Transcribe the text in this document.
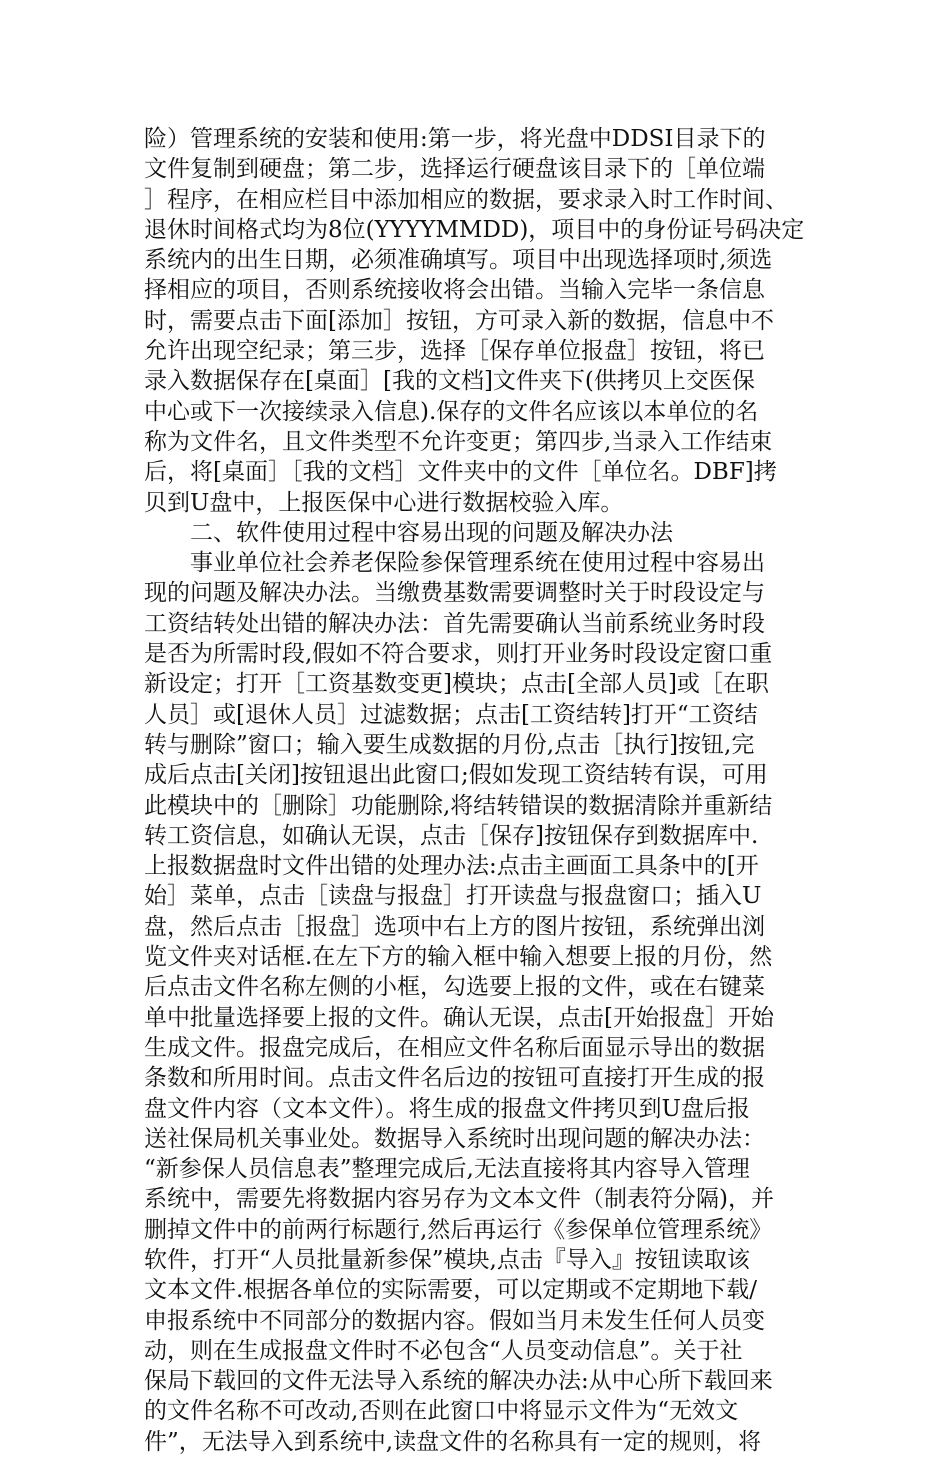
险）管理系统的安装和使用:第一步，将光盘中DDSI目录下的
文件复制到硬盘；第二步，选择运行硬盘该目录下的［单位端
］程序，在相应栏目中添加相应的数据，要求录入时工作时间、
退休时间格式均为8位(YYYYMMDD)，项目中的身份证号码决定
系统内的出生日期，必须准确填写。项目中出现选择项时,须选
择相应的项目，否则系统接收将会出错。当输入完毕一条信息
时，需要点击下面[添加］按钮，方可录入新的数据，信息中不
允许出现空纪录；第三步，选择［保存单位报盘］按钮，将已
录入数据保存在[桌面］[我的文档]文件夹下(供拷贝上交医保
中心或下一次接续录入信息).保存的文件名应该以本单位的名
称为文件名，且文件类型不允许变更；第四步,当录入工作结束
后，将[桌面］［我的文档］文件夹中的文件［单位名。DBF]拷
贝到U盘中，上报医保中心进行数据校验入库。
二、软件使用过程中容易出现的问题及解决办法
事业单位社会养老保险参保管理系统在使用过程中容易出
现的问题及解决办法。当缴费基数需要调整时关于时段设定与
工资结转处出错的解决办法：首先需要确认当前系统业务时段
是否为所需时段,假如不符合要求，则打开业务时段设定窗口重
新设定；打开［工资基数变更]模块；点击[全部人员]或［在职
人员］或[退休人员］过滤数据；点击[工资结转]打开“工资结
转与删除”窗口；输入要生成数据的月份,点击［执行]按钮,完
成后点击[关闭]按钮退出此窗口;假如发现工资结转有误，可用
此模块中的［删除］功能删除,将结转错误的数据清除并重新结
转工资信息，如确认无误，点击［保存]按钮保存到数据库中.
上报数据盘时文件出错的处理办法:点击主画面工具条中的[开
始］菜单，点击［读盘与报盘］打开读盘与报盘窗口；插入U
盘，然后点击［报盘］选项中右上方的图片按钮，系统弹出浏
览文件夹对话框.在左下方的输入框中输入想要上报的月份，然
后点击文件名称左侧的小框，勾选要上报的文件，或在右键菜
单中批量选择要上报的文件。确认无误，点击[开始报盘］开始
生成文件。报盘完成后，在相应文件名称后面显示导出的数据
条数和所用时间。点击文件名后边的按钮可直接打开生成的报
盘文件内容（文本文件）。将生成的报盘文件拷贝到U盘后报
送社保局机关事业处。数据导入系统时出现问题的解决办法：
“新参保人员信息表”整理完成后,无法直接将其内容导入管理
系统中，需要先将数据内容另存为文本文件（制表符分隔)，并
删掉文件中的前两行标题行,然后再运行《参保单位管理系统》
软件，打开“人员批量新参保”模块,点击『导入』按钮读取该
文本文件.根据各单位的实际需要，可以定期或不定期地下载/
申报系统中不同部分的数据内容。假如当月未发生任何人员变
动，则在生成报盘文件时不必包含“人员变动信息”。关于社
保局下载回的文件无法导入系统的解决办法:从中心所下载回来
的文件名称不可改动,否则在此窗口中将显示文件为“无效文
件”，无法导入到系统中,读盘文件的名称具有一定的规则，将
